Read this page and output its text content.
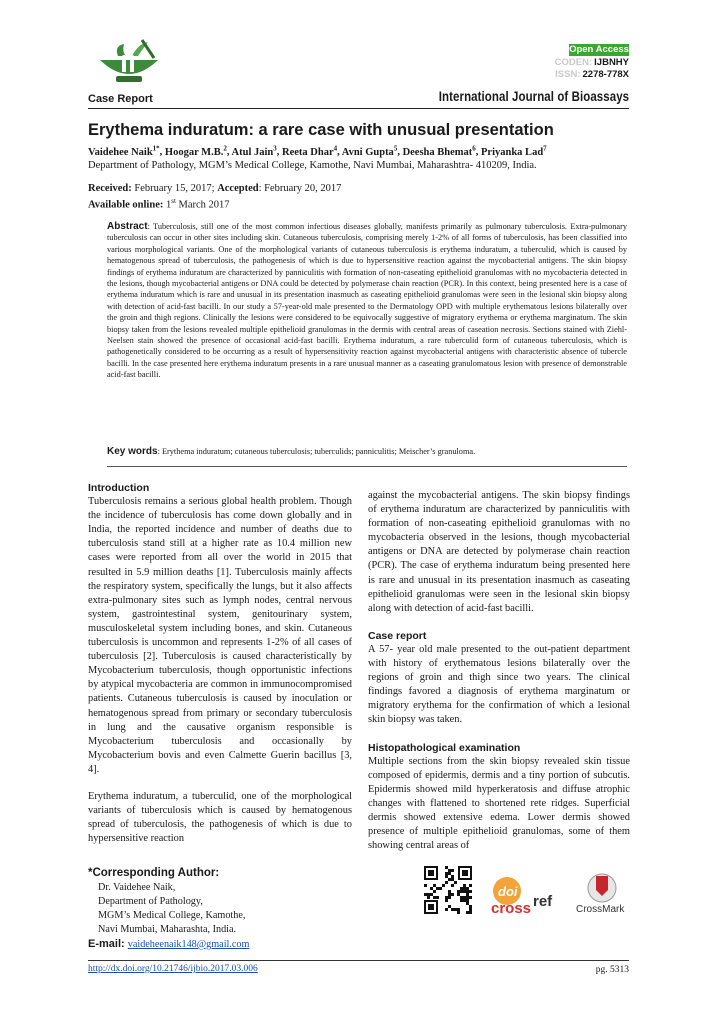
Open Access
CODEN: IJBNHY
ISSN: 2278-778X
Case Report	International Journal of Bioassays
Erythema induratum: a rare case with unusual presentation
Vaidehee Naik$^{1*}$, Hoogar M.B.$^2$, Atul Jain$^3$, Reeta Dhar$^4$, Avni Gupta$^5$, Deesha Bhemat$^6$, Priyanka Lad$^7$
Department of Pathology, MGM’s Medical College, Kamothe, Navi Mumbai, Maharashtra- 410209, India.
Received: February 15, 2017; Accepted: February 20, 2017
Available online: 1st March 2017
Abstract: Tuberculosis, still one of the most common infectious diseases globally, manifests primarily as pulmonary tuberculosis. Extra-pulmonary tuberculosis can occur in other sites including skin. Cutaneous tuberculosis, comprising merely 1-2% of all forms of tuberculosis, has been classified into various morphological variants. One of the morphological variants of cutaneous tuberculosis is erythema induratum, a tuberculid, which is caused by hematogenous spread of tuberculosis, the pathogenesis of which is due to hypersensitive reaction against the mycobacterial antigens. The skin biopsy findings of erythema induratum are characterized by panniculitis with formation of non-caseating epithelioid granulomas with no mycobacteria detected in the lesions, though mycobacterial antigens or DNA could be detected by polymerase chain reaction (PCR). In this context, being presented here is a case of erythema induratum which is rare and unusual in its presentation inasmuch as caseating epithelioid granulomas were seen in the lesional skin biopsy along with detection of acid-fast bacilli. In our study a 57-year-old male presented to the Dermatology OPD with multiple erythematous lesions bilaterally over the groin and thigh regions. Clinically the lesions were considered to be equivocally suggestive of migratory erythema or erythema marginatum. The skin biopsy taken from the lesions revealed multiple epithelioid granulomas in the dermis with central areas of caseation necrosis. Sections stained with Ziehl-Neelsen stain showed the presence of occasional acid-fast bacilli. Erythema induratum, a rare tuberculid form of cutaneous tuberculosis, which is pathogenetically considered to be occurring as a result of hypersensitivity reaction against mycobacterial antigens with characteristic absence of tubercle bacilli. In the case presented here erythema induratum presents in a rare unusual manner as a caseating granulomatous lesion with presence of demonstrable acid-fast bacilli.
Key words: Erythema induratum; cutaneous tuberculosis; tuberculids; panniculitis; Meischer’s granuloma.

Introduction

Tuberculosis remains a serious global health problem. Though the incidence of tuberculosis has come down globally and in India, the reported incidence and number of deaths due to tuberculosis stand still at a higher rate as 10.4 million new cases were reported from all over the world in 2015 that resulted in 5.9 million deaths [1]. Tuberculosis mainly affects the respiratory system, specifically the lungs, but it also affects extra-pulmonary sites such as lymph nodes, central nervous system, gastrointestinal system, genitourinary system, musculoskeletal system including bones, and skin. Cutaneous tuberculosis is uncommon and represents 1-2% of all cases of tuberculosis [2]. Tuberculosis is caused characteristically by Mycobacterium tuberculosis, though opportunistic infections by atypical mycobacteria are common in immunocompromised patients. Cutaneous tuberculosis is caused by inoculation or hematogenous spread from primary or secondary tuberculosis in lung and the causative organism responsible is Mycobacterium tuberculosis and occasionally by Mycobacterium bovis and even Calmette Guerin bacillus [3, 4].

Erythema induratum, a tuberculid, one of the morphological variants of tuberculosis which is caused by hematogenous spread of tuberculosis, the pathogenesis of which is due to hypersensitive reaction

against the mycobacterial antigens. The skin biopsy findings of erythema induratum are characterized by panniculitis with formation of non-caseating epithelioid granulomas with no mycobacteria observed in the lesions, though mycobacterial antigens or DNA are detected by polymerase chain reaction (PCR). The case of erythema induratum being presented here is rare and unusual in its presentation inasmuch as caseating epithelioid granulomas were seen in the lesional skin biopsy along with detection of acid-fast bacilli.

Case report

A 57- year old male presented to the out-patient department with history of erythematous lesions bilaterally over the regions of groin and thigh since two years. The clinical findings favored a diagnosis of erythema marginatum or migratory erythema for the confirmation of which a lesional skin biopsy was taken.

Histopathological examination

Multiple sections from the skin biopsy revealed skin tissue composed of epidermis, dermis and a tiny portion of subcutis. Epidermis showed mild hyperkeratosis and diffuse atrophic changes with flattened to shortened rete ridges. Superficial dermis showed extensive edema. Lower dermis showed presence of multiple epithelioid granulomas, some of them showing central areas of

*Corresponding Author:
Dr. Vaidehee Naik,
Department of Pathology,
MGM’s Medical College, Kamothe,
Navi Mumbai, Maharashta, India.
E-mail: vaideheenaik148@gmail.com
doi
cross ref CrossMark
http://dx.doi.org/10.21746/ijbio.2017.03.006	pg. 5313
